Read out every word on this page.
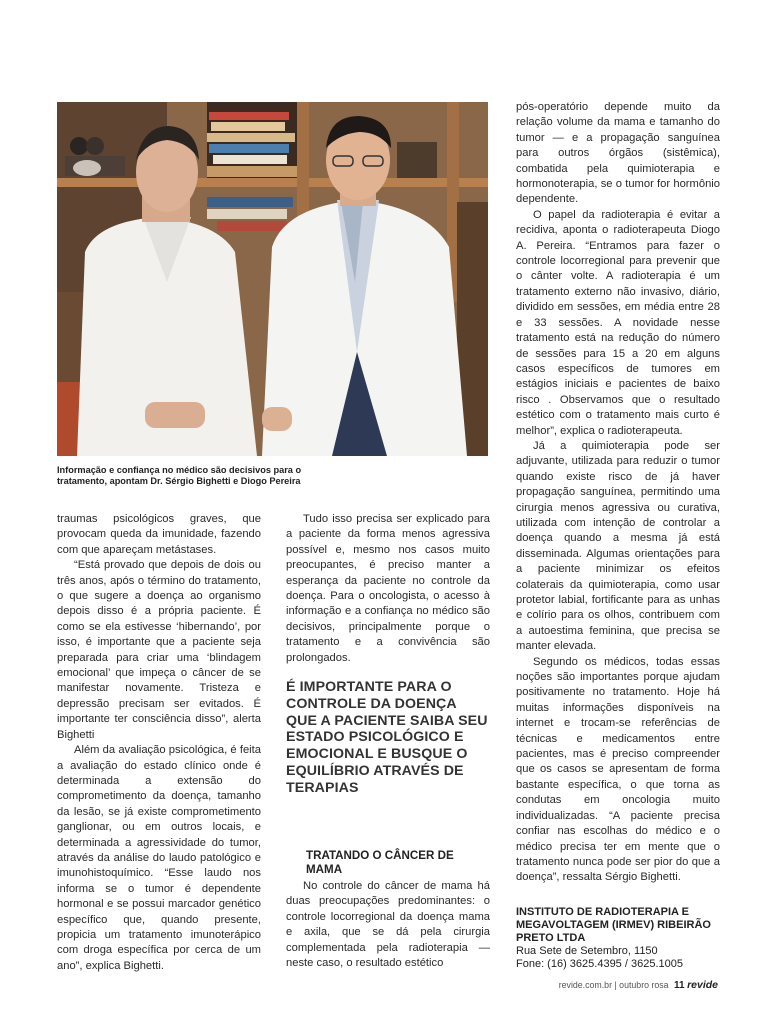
Informação e confiança no médico são decisivos para o tratamento, apontam Dr. Sérgio Bighetti e Diogo Pereira

traumas psicológicos graves, que provocam queda da imunidade, fazendo com que apareçam metástases.

“Está provado que depois de dois ou três anos, após o término do tratamento, o que sugere a doença ao organismo depois disso é a própria paciente. É como se ela estivesse ‘hibernando’, por isso, é importante que a paciente seja preparada para criar uma ‘blindagem emocional’ que impeça o câncer de se manifestar novamente. Tristeza e depressão precisam ser evitados. É importante ter consciência disso”, alerta Bighetti

Além da avaliação psicológica, é feita a avaliação do estado clínico onde é determinada a extensão do comprometimento da doença, tamanho da lesão, se já existe comprometimento ganglionar, ou em outros locais, e determinada a agressividade do tumor, através da análise do laudo patológico e imunohistoquímico. “Esse laudo nos informa se o tumor é dependente hormonal e se possui marcador genético específico que, quando presente, propicia um tratamento imunoterápico com droga específica por cerca de um ano”, explica Bighetti.

Tudo isso precisa ser explicado para a paciente da forma menos agressiva possível e, mesmo nos casos muito preocupantes, é preciso manter a esperança da paciente no controle da doença. Para o oncologista, o acesso à informação e a confiança no médico são decisivos, principalmente porque o tratamento e a convivência são prolongados.

É IMPORTANTE PARA O CONTROLE DA DOENÇA QUE A PACIENTE SAIBA SEU ESTADO PSICOLÓGICO E EMOCIONAL E BUSQUE O EQUILÍBRIO ATRAVÉS DE TERAPIAS
TRATANDO O CÂNCER DE MAMA

No controle do câncer de mama há duas preocupações predominantes: o controle locorregional da doença mama e axila, que se dá pela cirurgia complementada pela radioterapia — neste caso, o resultado estético

pós-operatório depende muito da relação volume da mama e tamanho do tumor — e a propagação sanguínea para outros órgãos (sistêmica), combatida pela quimioterapia e hormonoterapia, se o tumor for hormônio dependente.

O papel da radioterapia é evitar a recidiva, aponta o radioterapeuta Diogo A. Pereira. “Entramos para fazer o controle locorregional para prevenir que o cânter volte. A radioterapia é um tratamento externo não invasivo, diário, dividido em sessões, em média entre 28 e 33 sessões. A novidade nesse tratamento está na redução do número de sessões para 15 a 20 em alguns casos específicos de tumores em estágios iniciais e pacientes de baixo risco . Observamos que o resultado estético com o tratamento mais curto é melhor”, explica o radioterapeuta.

Já a quimioterapia pode ser adjuvante, utilizada para reduzir o tumor quando existe risco de já haver propagação sanguínea, permitindo uma cirurgia menos agressiva ou curativa, utilizada com intenção de controlar a doença quando a mesma já está disseminada. Algumas orientações para a paciente minimizar os efeitos colaterais da quimioterapia, como usar protetor labial, fortificante para as unhas e colírio para os olhos, contribuem com a autoestima feminina, que precisa se manter elevada.

Segundo os médicos, todas essas noções são importantes porque ajudam positivamente no tratamento. Hoje há muitas informações disponíveis na internet e trocam-se referências de técnicas e medicamentos entre pacientes, mas é preciso compreender que os casos se apresentam de forma bastante específica, o que torna as condutas em oncologia muito individualizadas. “A paciente precisa confiar nas escolhas do médico e o médico precisa ter em mente que o tratamento nunca pode ser pior do que a doença”, ressalta Sérgio Bighetti.

INSTITUTO DE RADIOTERAPIA E MEGAVOLTAGEM (IRMEV) RIBEIRÃO PRETO LTDA
Rua Sete de Setembro, 1150
Fone: (16) 3625.4395 / 3625.1005
revide.com.br | outubro rosa 11 revide
